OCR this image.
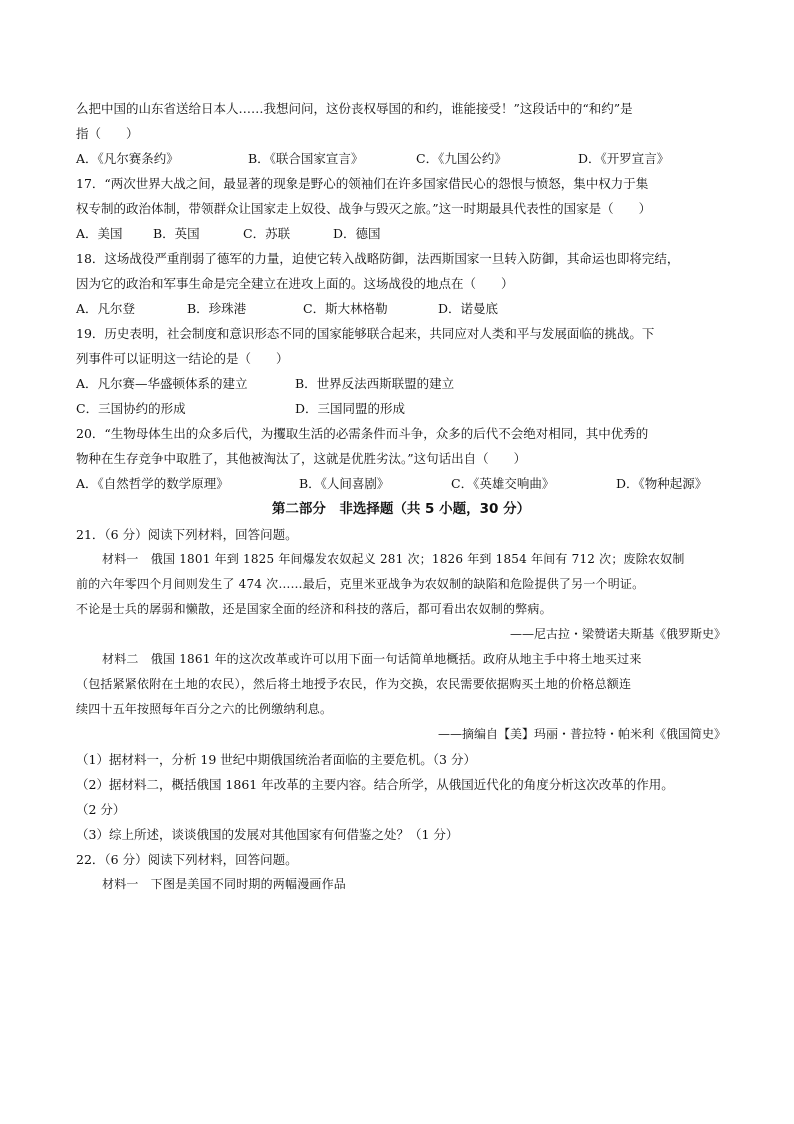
么把中国的山东省送给日本人……我想问问，这份丧权辱国的和约，谁能接受！”这段话中的“和约”是
指（　　）
A．《凡尔赛条约》	B．《联合国家宣言》	C．《九国公约》	D．《开罗宣言》
17．“两次世界大战之间，最显著的现象是野心的领袖们在许多国家借民心的怨恨与愤怒，集中权力于集
权专制的政治体制，带领群众让国家走上奴役、战争与毁灭之旅。”这一时期最具代表性的国家是（　　）
A．美国	B．英国	C．苏联	D．德国
18．这场战役严重削弱了德军的力量，迫使它转入战略防御，法西斯国家一旦转入防御，其命运也即将完结，
因为它的政治和军事生命是完全建立在进攻上面的。这场战役的地点在（　　）
A．凡尔登	B．珍珠港	C．斯大林格勒	D．诺曼底
19．历史表明，社会制度和意识形态不同的国家能够联合起来，共同应对人类和平与发展面临的挑战。下
列事件可以证明这一结论的是（　　）
A．凡尔赛—华盛顿体系的建立	B．世界反法西斯联盟的建立
C．三国协约的形成	D．三国同盟的形成
20．“生物母体生出的众多后代，为攫取生活的必需条件而斗争，众多的后代不会绝对相同，其中优秀的
物种在生存竞争中取胜了，其他被淘汰了，这就是优胜劣汰。”这句话出自（　　）
A．《自然哲学的数学原理》	B．《人间喜剧》	C．《英雄交响曲》	D．《物种起源》
第二部分　非选择题（共 5 小题，30 分）
21．（6 分）阅读下列材料，回答问题。
材料一　俄国 1801 年到 1825 年间爆发农奴起义 281 次；1826 年到 1854 年间有 712 次；废除农奴制
前的六年零四个月间则发生了 474 次……最后，克里米亚战争为农奴制的缺陷和危险提供了另一个明证。
不论是士兵的孱弱和懒散，还是国家全面的经济和科技的落后，都可看出农奴制的弊病。
——尼古拉・梁赞诺夫斯基《俄罗斯史》
材料二　俄国 1861 年的这次改革或许可以用下面一句话简单地概括。政府从地主手中将土地买过来
（包括紧紧依附在土地的农民），然后将土地授予农民，作为交换，农民需要依据购买土地的价格总额连
续四十五年按照每年百分之六的比例缴纳利息。
——摘编自【美】玛丽・普拉特・帕米利《俄国简史》
（1）据材料一，分析 19 世纪中期俄国统治者面临的主要危机。（3 分）
（2）据材料二，概括俄国 1861 年改革的主要内容。结合所学，从俄国近代化的角度分析这次改革的作用。
（2 分）
（3）综上所述，谈谈俄国的发展对其他国家有何借鉴之处？（1 分）
22．（6 分）阅读下列材料，回答问题。
材料一　下图是美国不同时期的两幅漫画作品
